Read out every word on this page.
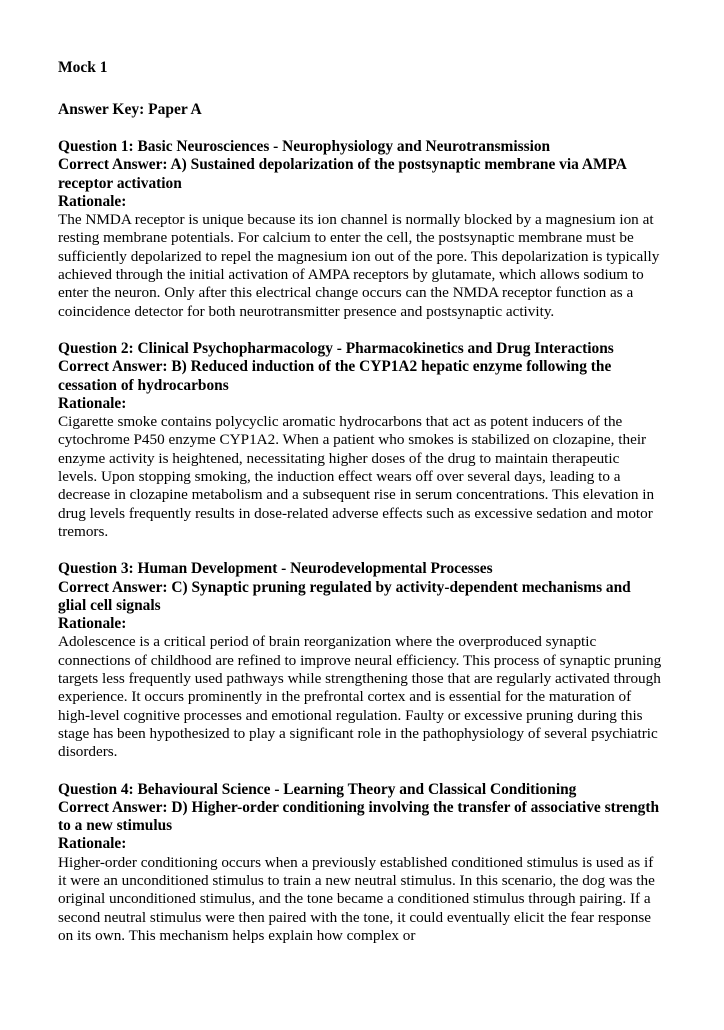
Mock 1

Answer Key: Paper A

Question 1: Basic Neurosciences - Neurophysiology and Neurotransmission

Correct Answer: A) Sustained depolarization of the postsynaptic membrane via AMPA receptor activation

Rationale:

The NMDA receptor is unique because its ion channel is normally blocked by a magnesium ion at resting membrane potentials. For calcium to enter the cell, the postsynaptic membrane must be sufficiently depolarized to repel the magnesium ion out of the pore. This depolarization is typically achieved through the initial activation of AMPA receptors by glutamate, which allows sodium to enter the neuron. Only after this electrical change occurs can the NMDA receptor function as a coincidence detector for both neurotransmitter presence and postsynaptic activity.

Question 2: Clinical Psychopharmacology - Pharmacokinetics and Drug Interactions

Correct Answer: B) Reduced induction of the CYP1A2 hepatic enzyme following the cessation of hydrocarbons

Rationale:

Cigarette smoke contains polycyclic aromatic hydrocarbons that act as potent inducers of the cytochrome P450 enzyme CYP1A2. When a patient who smokes is stabilized on clozapine, their enzyme activity is heightened, necessitating higher doses of the drug to maintain therapeutic levels. Upon stopping smoking, the induction effect wears off over several days, leading to a decrease in clozapine metabolism and a subsequent rise in serum concentrations. This elevation in drug levels frequently results in dose-related adverse effects such as excessive sedation and motor tremors.

Question 3: Human Development - Neurodevelopmental Processes

Correct Answer: C) Synaptic pruning regulated by activity-dependent mechanisms and glial cell signals

Rationale:

Adolescence is a critical period of brain reorganization where the overproduced synaptic connections of childhood are refined to improve neural efficiency. This process of synaptic pruning targets less frequently used pathways while strengthening those that are regularly activated through experience. It occurs prominently in the prefrontal cortex and is essential for the maturation of high-level cognitive processes and emotional regulation. Faulty or excessive pruning during this stage has been hypothesized to play a significant role in the pathophysiology of several psychiatric disorders.

Question 4: Behavioural Science - Learning Theory and Classical Conditioning

Correct Answer: D) Higher-order conditioning involving the transfer of associative strength to a new stimulus

Rationale:

Higher-order conditioning occurs when a previously established conditioned stimulus is used as if it were an unconditioned stimulus to train a new neutral stimulus. In this scenario, the dog was the original unconditioned stimulus, and the tone became a conditioned stimulus through pairing. If a second neutral stimulus were then paired with the tone, it could eventually elicit the fear response on its own. This mechanism helps explain how complex or
